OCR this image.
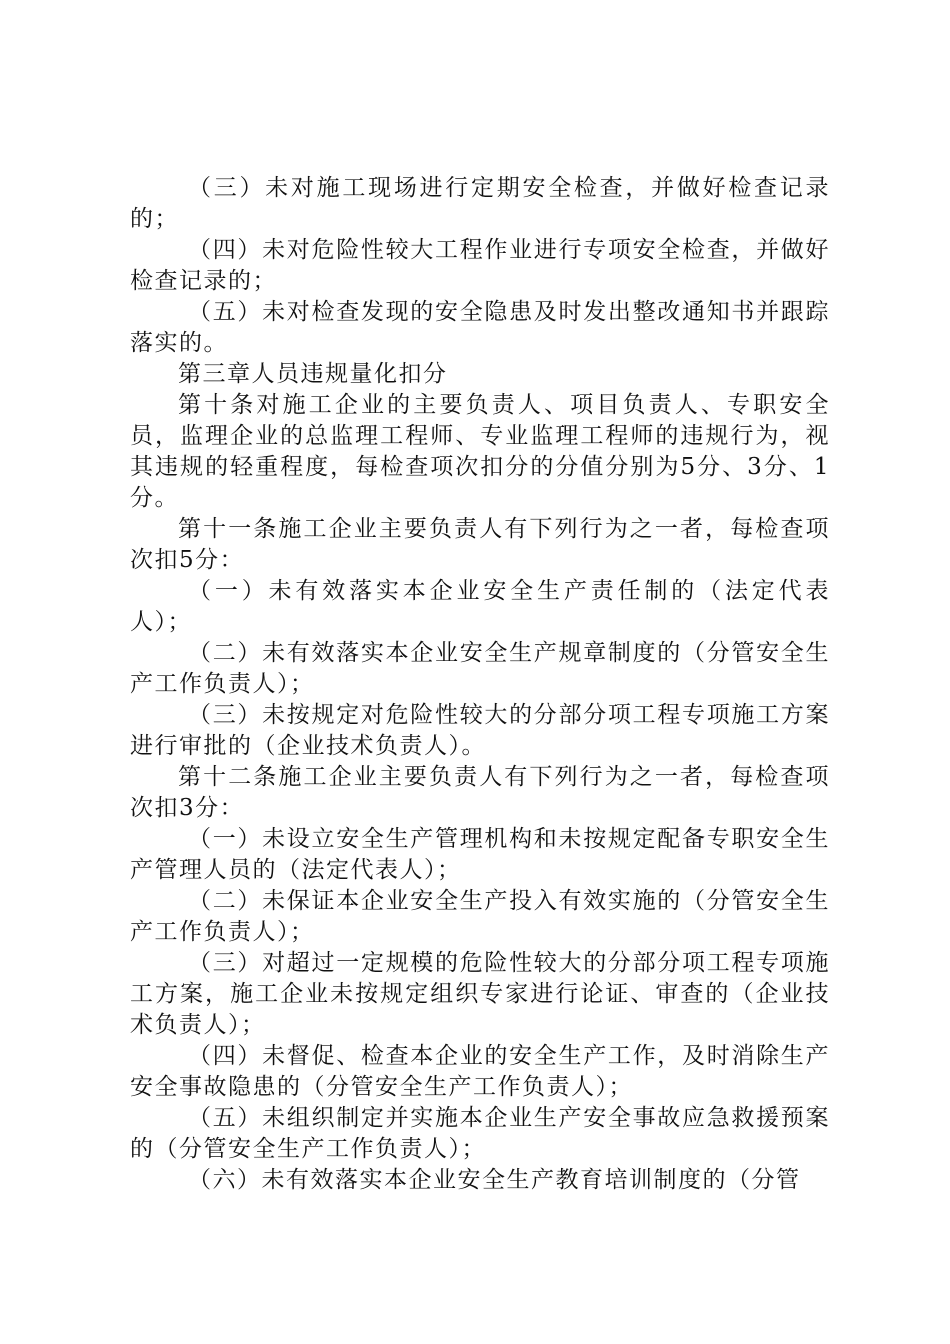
（三）未对施工现场进行定期安全检查，并做好检查记录的；

（四）未对危险性较大工程作业进行专项安全检查，并做好检查记录的；

（五）未对检查发现的安全隐患及时发出整改通知书并跟踪落实的。

第三章人员违规量化扣分

第十条对施工企业的主要负责人、项目负责人、专职安全员，监理企业的总监理工程师、专业监理工程师的违规行为，视其违规的轻重程度，每检查项次扣分的分值分别为5分、3分、1分。

第十一条施工企业主要负责人有下列行为之一者，每检查项次扣5分：

（一）未有效落实本企业安全生产责任制的（法定代表人）；

（二）未有效落实本企业安全生产规章制度的（分管安全生产工作负责人）；

（三）未按规定对危险性较大的分部分项工程专项施工方案进行审批的（企业技术负责人）。

第十二条施工企业主要负责人有下列行为之一者，每检查项次扣3分：

（一）未设立安全生产管理机构和未按规定配备专职安全生产管理人员的（法定代表人）；

（二）未保证本企业安全生产投入有效实施的（分管安全生产工作负责人）；

（三）对超过一定规模的危险性较大的分部分项工程专项施工方案，施工企业未按规定组织专家进行论证、审查的（企业技术负责人）；

（四）未督促、检查本企业的安全生产工作，及时消除生产安全事故隐患的（分管安全生产工作负责人）；

（五）未组织制定并实施本企业生产安全事故应急救援预案的（分管安全生产工作负责人）；

（六）未有效落实本企业安全生产教育培训制度的（分管
